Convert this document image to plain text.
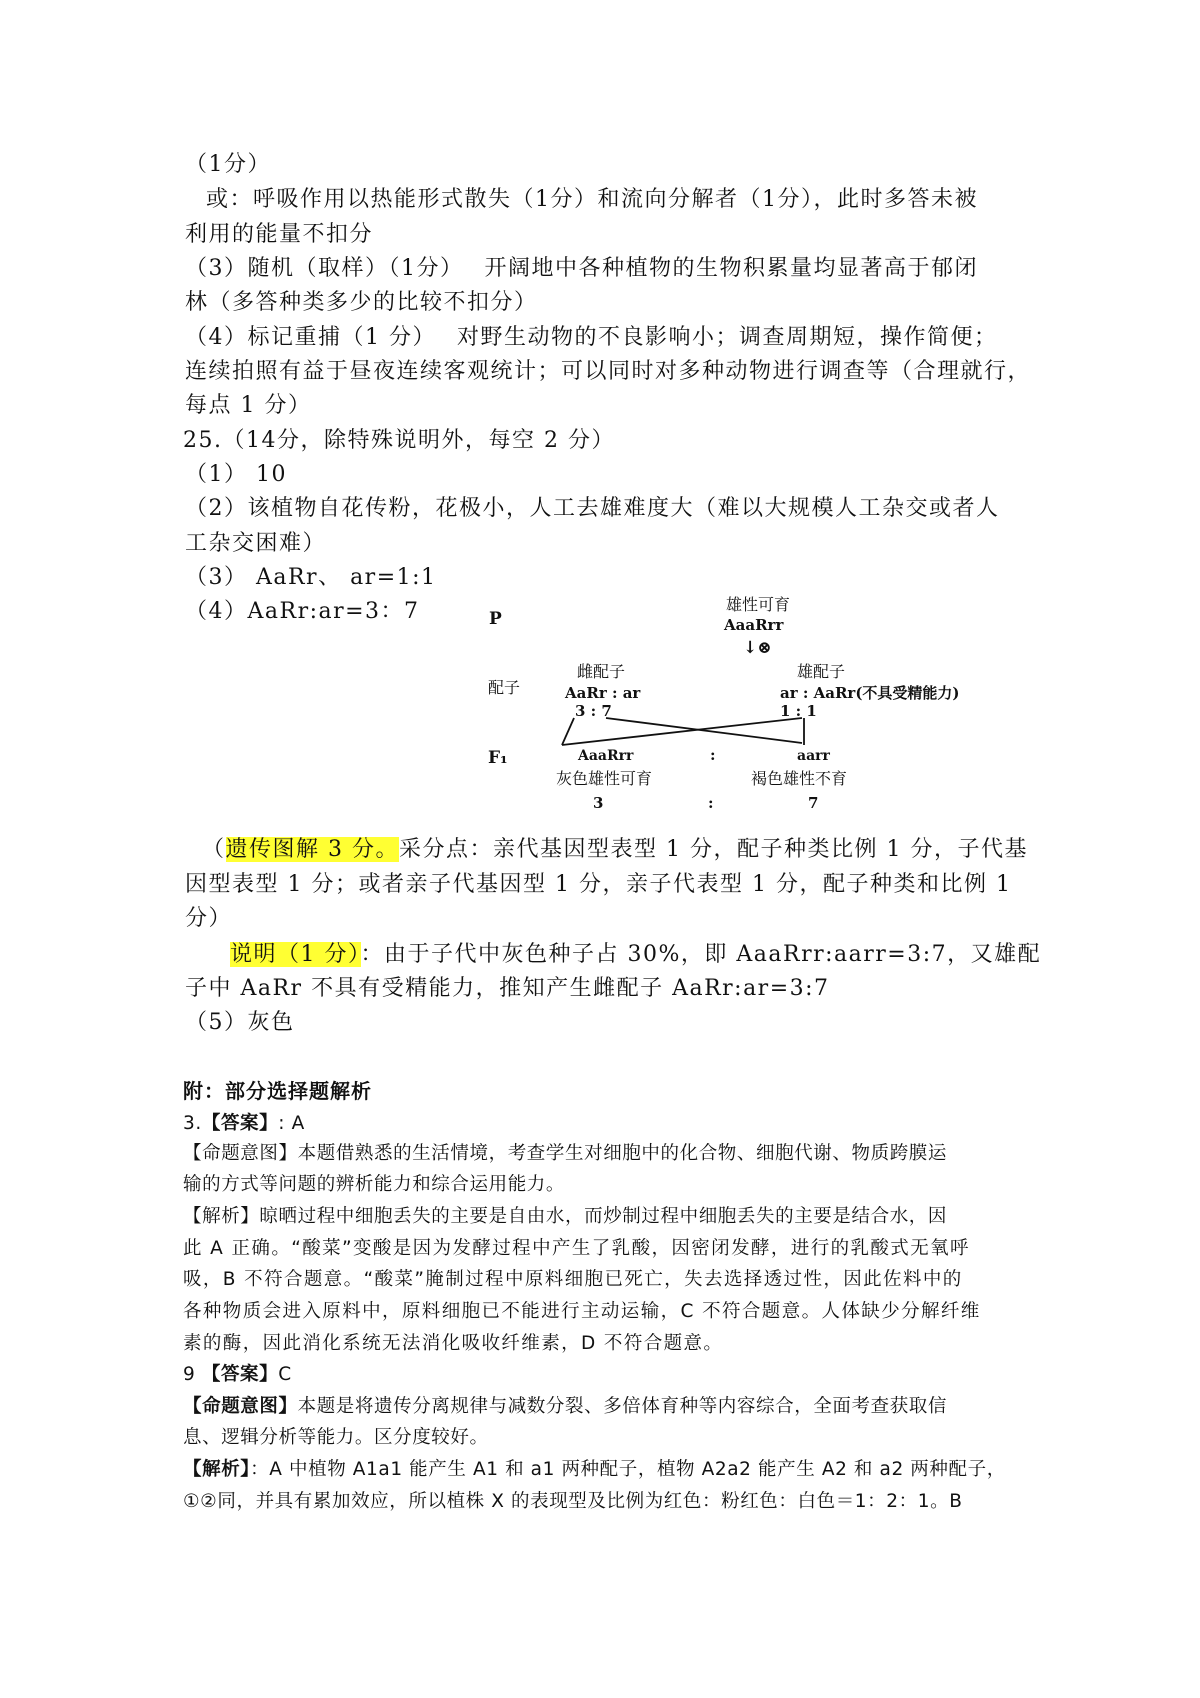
（1分）
或：呼吸作用以热能形式散失（1分）和流向分解者（1分），此时多答未被
利用的能量不扣分
（3）随机（取样）（1分）　 开阔地中各种植物的生物积累量均显著高于郁闭
林（多答种类多少的比较不扣分）
（4）标记重捕（1 分）　 对野生动物的不良影响小；调查周期短，操作简便；
连续拍照有益于昼夜连续客观统计；可以同时对多种动物进行调查等（合理就行，
每点 1 分）
25.（14分，除特殊说明外，每空 2 分）
（1） 10
（2）该植物自花传粉，花极小，人工去雄难度大（难以大规模人工杂交或者人
工杂交困难）
（3） AaRr、 ar=1:1
（4）AaRr:ar=3：7	P
雄性可育
AaaRrr
↓⊗
配子
雌配子
AaRr : ar
3 : 7
雄配子
ar : AaRr(不具受精能力)
1 : 1
F₁	AaaRrr	:	aarr
灰色雄性可育	褐色雄性不育
3	:	7
（遗传图解 3 分。采分点：亲代基因型表型 1 分，配子种类比例 1 分，子代基
因型表型 1 分；或者亲子代基因型 1 分，亲子代表型 1 分，配子种类和比例 1
分）
说明（1 分）：由于子代中灰色种子占 30%，即 AaaRrr:aarr=3:7，又雄配
子中 AaRr 不具有受精能力，推知产生雌配子 AaRr:ar=3:7
（5）灰色
附：部分选择题解析
3.【答案】: A
【命题意图】本题借熟悉的生活情境，考查学生对细胞中的化合物、细胞代谢、物质跨膜运
输的方式等问题的辨析能力和综合运用能力。
【解析】晾晒过程中细胞丢失的主要是自由水，而炒制过程中细胞丢失的主要是结合水，因
此 A 正确。“酸菜”变酸是因为发酵过程中产生了乳酸，因密闭发酵，进行的乳酸式无氧呼
吸，B 不符合题意。“酸菜”腌制过程中原料细胞已死亡，失去选择透过性，因此佐料中的
各种物质会进入原料中，原料细胞已不能进行主动运输，C 不符合题意。人体缺少分解纤维
素的酶，因此消化系统无法消化吸收纤维素，D 不符合题意。
9 【答案】C
【命题意图】本题是将遗传分离规律与减数分裂、多倍体育种等内容综合，全面考查获取信
息、逻辑分析等能力。区分度较好。
【解析】：A 中植物 A1a1 能产生 A1 和 a1 两种配子，植物 A2a2 能产生 A2 和 a2 两种配子，
①②同，并具有累加效应，所以植株 X 的表现型及比例为红色：粉红色：白色＝1：2：1。B
